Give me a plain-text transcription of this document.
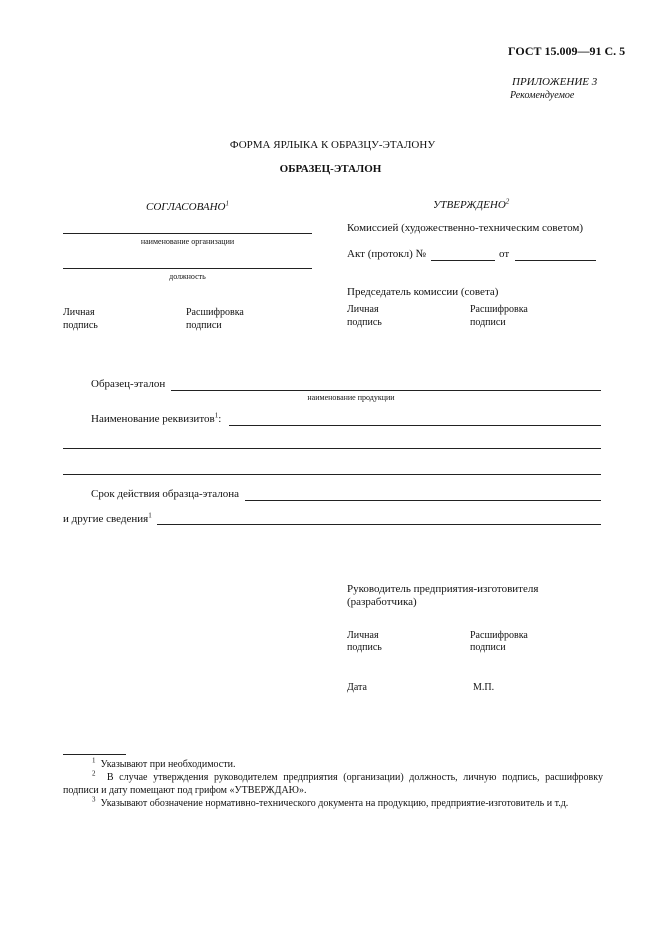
ГОСТ 15.009—91 С. 5
ПРИЛОЖЕНИЕ 3
Рекомендуемое
ФОРМА ЯРЛЫКА К ОБРАЗЦУ-ЭТАЛОНУ
ОБРАЗЕЦ-ЭТАЛОН
СОГЛАСОВАНО$^1$
наименование организации
должность
Личная
подпись
Расшифровка
подписи
УТВЕРЖДЕНО$^2$
Комиссией (художественно-техническим советом)
Акт (протокл) №	от
Председатель комиссии (совета)
Личная
подпись
Расшифровка
подписи
Образец-эталон
наименование продукции
Наименование реквизитов$^1$:
Срок действия образца-эталона
и другие сведения$^1$
Руководитель предприятия-изготовителя
(разработчика)
Личная
подпись
Расшифровка
подписи
Дата	М.П.
$^1$ Указывают при необходимости.
$^2$ В случае утверждения руководителем предприятия (организации) должность, личную подпись, расшифровку подписи и дату помещают под грифом «УТВЕРЖДАЮ».
$^3$ Указывают обозначение нормативно-технического документа на продукцию, предприятие-изготовитель и т.д.
